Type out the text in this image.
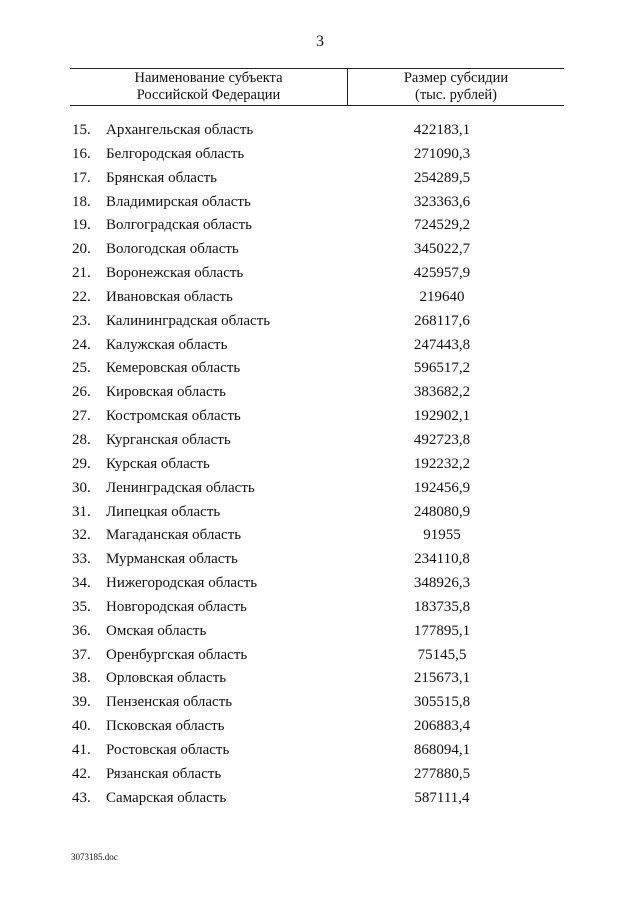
3
Наименование субъекта
Российской Федерации
Размер субсидии
(тыс. рублей)
15.	Архангельская область	422183,1
16.	Белгородская область	271090,3
17.	Брянская область	254289,5
18.	Владимирская область	323363,6
19.	Волгоградская область	724529,2
20.	Вологодская область	345022,7
21.	Воронежская область	425957,9
22.	Ивановская область	219640
23.	Калининградская область	268117,6
24.	Калужская область	247443,8
25.	Кемеровская область	596517,2
26.	Кировская область	383682,2
27.	Костромская область	192902,1
28.	Курганская область	492723,8
29.	Курская область	192232,2
30.	Ленинградская область	192456,9
31.	Липецкая область	248080,9
32.	Магаданская область	91955
33.	Мурманская область	234110,8
34.	Нижегородская область	348926,3
35.	Новгородская область	183735,8
36.	Омская область	177895,1
37.	Оренбургская область	75145,5
38.	Орловская область	215673,1
39.	Пензенская область	305515,8
40.	Псковская область	206883,4
41.	Ростовская область	868094,1
42.	Рязанская область	277880,5
43.	Самарская область	587111,4
3073185.doc
